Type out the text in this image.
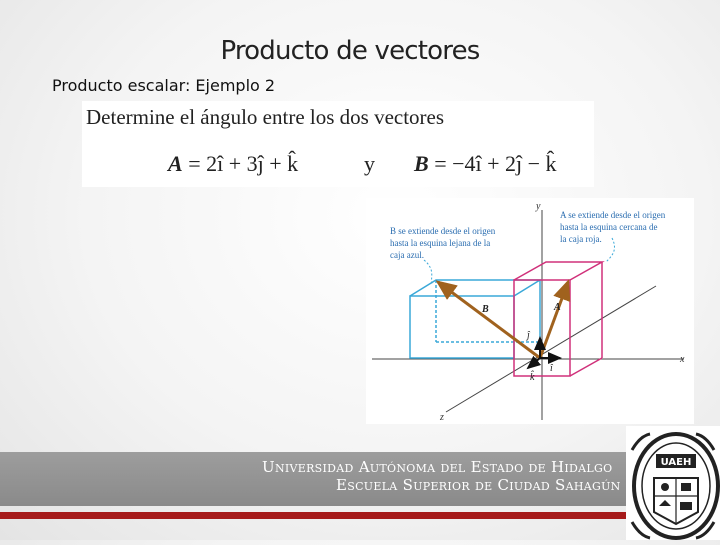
Producto de vectores
Producto escalar: Ejemplo 2
Determine el ángulo entre los dos vectores
A = 2î + 3ĵ + k̂	y B = −4î + 2ĵ − k̂
y
x
z
B	A
ĵ
î
k̂
B se extiende desde el origen
hasta la esquina lejana de la
caja azul.
A se extiende desde el origen
hasta la esquina cercana de
la caja roja.
Universidad Autónoma del Estado de Hidalgo
Escuela Superior de Ciudad Sahagún
UAEH
